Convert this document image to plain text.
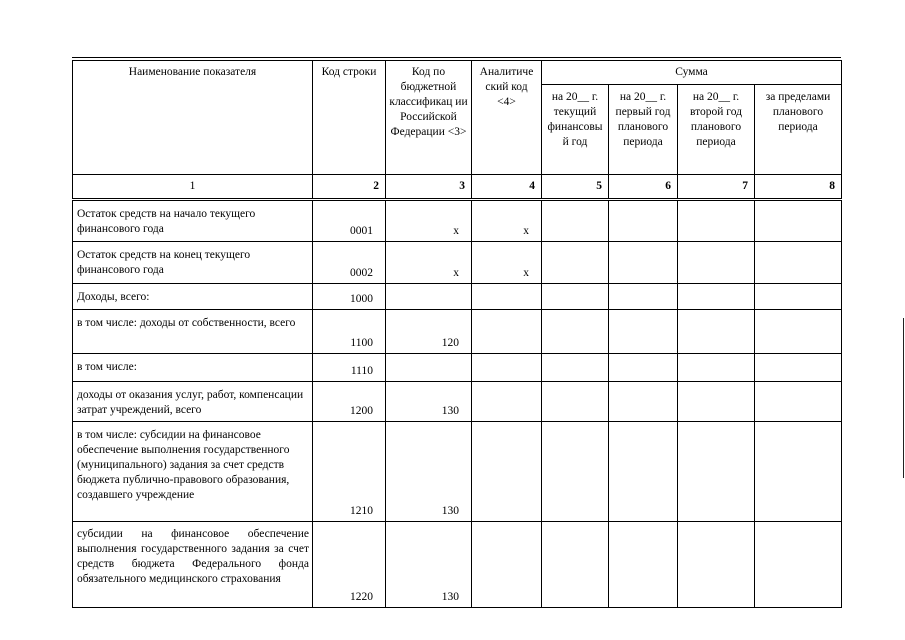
Наименование показателя	Код строки	Код по бюджетной классификац ии Российской Федерации <3>	Аналитиче ский код <4>	Сумма			
				на 20__ г. текущий финансовы й год	на 20__ г. первый год планового периода	на 20__ г. второй год планового периода	за пределами планового периода
1	2	3	4	5	6	7	8

Остаток средств на начало текущего финансового года	0001	x	x				
Остаток средств на конец текущего финансового года	0002	x	x				
Доходы, всего:	1000						
в том числе: доходы от собственности, всего	1100	120					
в том числе:	1110						
доходы от оказания услуг, работ, компенсации затрат учреждений, всего	1200	130					
в том числе: субсидии на финансовое обеспечение выполнения государственного (муниципального) задания за счет средств бюджета публично-правового образования, создавшего учреждение	1210	130					
субсидии на финансовое обеспечение выполнения государственного задания за счет средств бюджета Федерального фонда обязательного медицинского страхования	1220	130					
